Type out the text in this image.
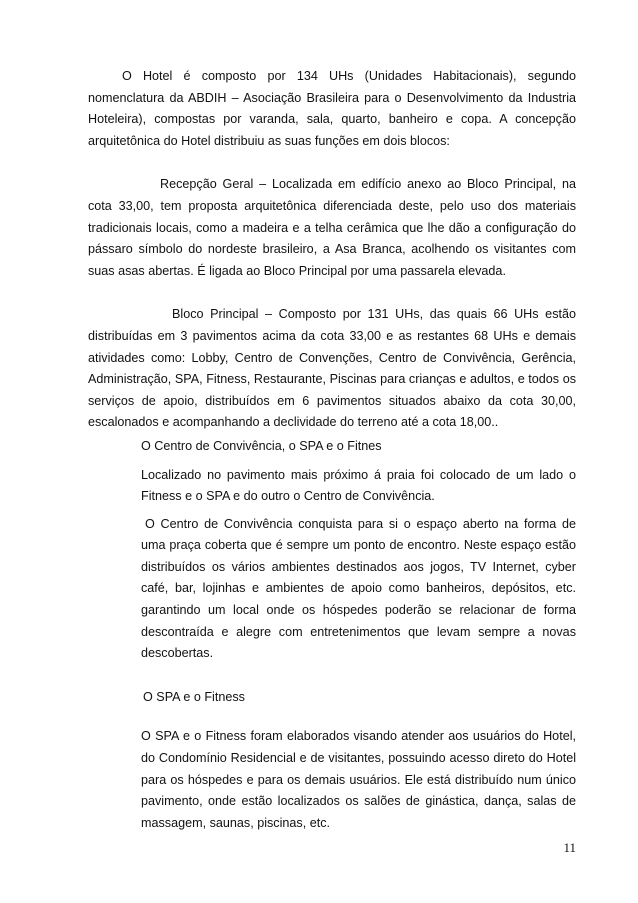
O Hotel é composto por 134 UHs (Unidades Habitacionais), segundo nomenclatura da ABDIH – Asociação Brasileira para o Desenvolvimento da Industria Hoteleira), compostas por varanda, sala, quarto, banheiro e copa. A concepção arquitetônica do Hotel distribuiu as suas funções em dois blocos:

Recepção Geral – Localizada em edifício anexo ao Bloco Principal, na cota 33,00, tem proposta arquitetônica diferenciada deste, pelo uso dos materiais tradicionais locais, como a madeira e a telha cerâmica que lhe dão a configuração do pássaro símbolo do nordeste brasileiro, a Asa Branca, acolhendo os visitantes com suas asas abertas. É ligada ao Bloco Principal por uma passarela elevada.

Bloco Principal – Composto por 131 UHs, das quais 66 UHs estão distribuídas em 3 pavimentos acima da cota 33,00 e as restantes 68 UHs e demais atividades como: Lobby, Centro de Convenções, Centro de Convivência, Gerência, Administração, SPA, Fitness, Restaurante, Piscinas para crianças e adultos, e todos os serviços de apoio, distribuídos em 6 pavimentos situados abaixo da cota 30,00, escalonados e acompanhando a declividade do terreno até a cota 18,00..

O Centro de Convivência, o SPA e o Fitnes

Localizado no pavimento mais próximo á praia foi colocado de um lado o Fitness e o SPA e do outro o Centro de Convivência.

O Centro de Convivência conquista para si o espaço aberto na forma de uma praça coberta que é sempre um ponto de encontro. Neste espaço estão distribuídos os vários ambientes destinados aos jogos, TV Internet, cyber café, bar, lojinhas e ambientes de apoio como banheiros, depósitos, etc. garantindo um local onde os hóspedes poderão se relacionar de forma descontraída e alegre com entretenimentos que levam sempre a novas descobertas.

O SPA e o Fitness

O SPA e o Fitness foram elaborados visando atender aos usuários do Hotel, do Condomínio Residencial e de visitantes, possuindo acesso direto do Hotel para os hóspedes e para os demais usuários. Ele está distribuído num único pavimento, onde estão localizados os salões de ginástica, dança, salas de massagem, saunas, piscinas, etc.

11
